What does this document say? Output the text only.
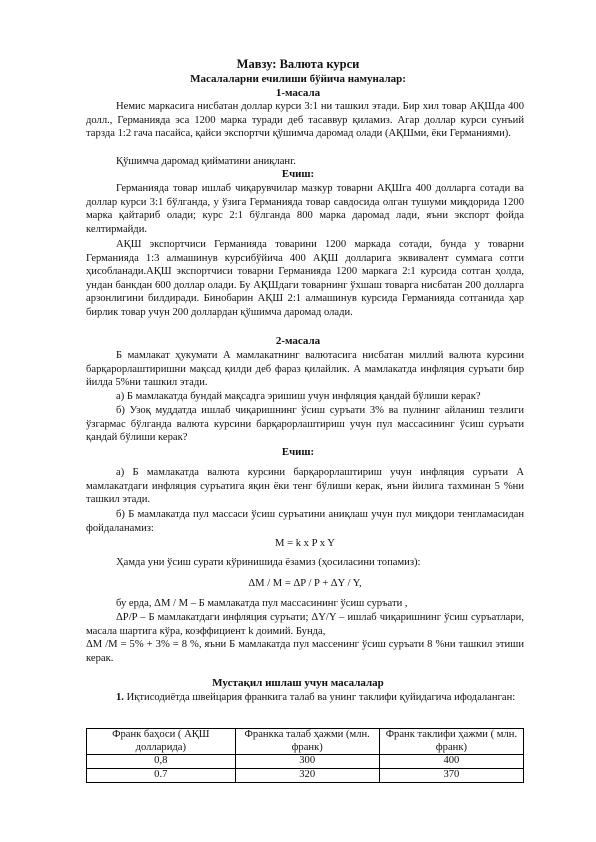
Мавзу: Валюта курси
Масалаларни ечилиши бўйича намуналар:
1-масала

Немис маркасига нисбатан доллар курси 3:1 ни ташкил этади. Бир хил товар АҚШда 400 долл., Германияда эса 1200 марка туради деб тасаввур қиламиз. Агар доллар курси сунъий тарзда 1:2 гача пасайса, қайси экспортчи қўшимча даромад олади (АҚШми, ёки Германиями).

Қўшимча даромад қийматини аниқланг.

Ечиш:

Германияда товар ишлаб чиқарувчилар мазкур товарни АҚШга 400 долларга сотади ва доллар курси 3:1 бўлганда, у ўзига Германияда товар савдосида олган тушуми миқдорида 1200 марка қайтариб олади; курс 2:1 бўлганда 800 марка даромад лади, яъни экспорт фойда келтирмайди.

АҚШ экспортчиси Германияда товарини 1200 маркада сотади, бунда у товарни Германияда 1:3 алмашинув курсибўйича 400 АҚШ долларига эквивалент суммага сотги ҳисобланади.АҚШ экспортчиси товарни Германияда 1200 маркага 2:1 курсида сотган ҳолда, ундан банкдан 600 доллар олади. Бу АҚШдаги товарнинг ўхшаш товарга нисбатан 200 долларга арзонлигини билдиради. Бинобарин АҚШ 2:1 алмашинув курсида Германияда сотганида ҳар бирлик товар учун 200 доллардан қўшимча даромад олади.

2-масала

Б мамлакат ҳукумати А мамлакатнинг валютасига нисбатан миллий валюта курсини барқарорлаштиришни мақсад қилди деб фараз қилайлик. А мамлакатда инфляция суръати бир йилда 5%ни ташкил этади.

а) Б мамлакатда бундай мақсадга эришиш учун инфляция қандай бўлиши керак?

б) Узоқ муддатда ишлаб чиқаришнинг ўсиш суръати 3% ва пулнинг айланиш тезлиги ўзгармас бўлганда валюта курсини барқарорлаштириш учун пул массасининг ўсиш суръати қандай бўлиши керак?

Ечиш:

а) Б мамлакатда валюта курсини барқарорлаштириш учун инфляция суръати А мамлакатдаги инфляция суръатига яқин ёки тенг бўлиши керак, яъни йилига тахминан 5 %ни ташкил этади.

б) Б мамлакатда пул массаси ўсиш суръатини аниқлаш учун пул миқдори тенгламасидан фойдаланамиз:

M = k x P x Y

Ҳамда уни ўсиш сурати кўринишида ёзамиз (ҳосиласини топамиз):

ΔM / M = ΔP / P + ΔY / Y,

бу ерда, ΔM / M – Б мамлакатда пул массасининг ўсиш суръати ,

ΔP/P – Б мамлакатдаги инфляция суръати; ΔY/Y – ишлаб чиқаришнинг ўсиш суръатлари, масала шартига кўра, коэффициент k доимий. Бунда,

ΔM /M = 5% + 3% = 8 %, яъни Б мамлакатда пул массенинг ўсиш суръати 8 %ни ташкил этиши керак.

Мустақил ишлаш учун масалалар

1. Иқтисодиётда швейцария франкига талаб ва унинг таклифи қуйидагича ифодаланган:

Франк баҳоси ( АҚШ долларида)	Франкка талаб ҳажми (млн. франк)	Франк таклифи ҳажми ( млн. франк)
0,8	300	400
0.7	320	370
